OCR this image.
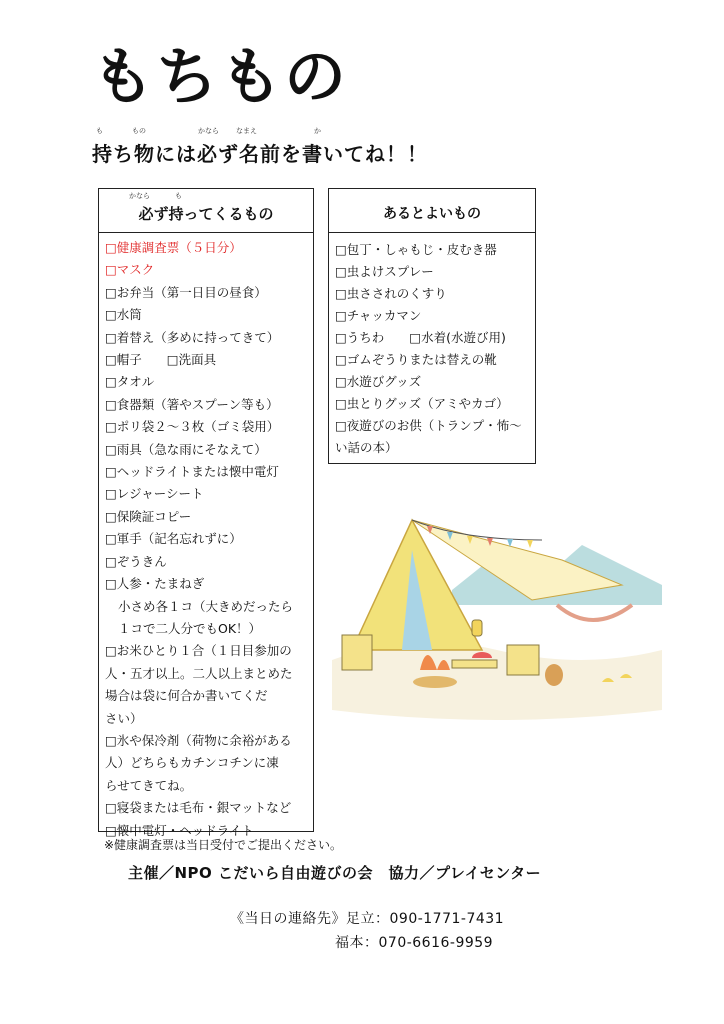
もちもの
も	もの	かなら なまえ	か
持ち物には必ず名前を書いてね！！
かなら	も
必ず持ってくるもの
□健康調査票（５日分）
□マスク
□お弁当（第一日目の昼食）
□水筒
□着替え（多めに持ってきて）
□帽子　　□洗面具
□タオル
□食器類（箸やスプーン等も）
□ポリ袋２～３枚（ゴミ袋用）
□雨具（急な雨にそなえて）
□ヘッドライトまたは懐中電灯
□レジャーシート
□保険証コピー
□軍手（記名忘れずに）
□ぞうきん
□人参・たまねぎ
小さめ各１コ（大きめだったら
１コで二人分でもOK！）
□お米ひとり１合（１日目参加の
人・五才以上。二人以上まとめた
場合は袋に何合か書いてくだ
さい）
□氷や保冷剤（荷物に余裕がある
人）どちらもカチンコチンに凍
らせてきてね。
□寝袋または毛布・銀マットなど
□懐中電灯・ヘッドライト
あるとよいもの
□包丁・しゃもじ・皮むき器
□虫よけスプレー
□虫さされのくすり
□チャッカマン
□うちわ　　□水着(水遊び用)
□ゴムぞうりまたは替えの靴
□水遊びグッズ
□虫とりグッズ（アミやカゴ）
□夜遊びのお供（トランプ・怖～
い話の本）
※健康調査票は当日受付でご提出ください。
主催／NPO こだいら自由遊びの会　協力／プレイセンター
《当日の連絡先》足立：090-1771-7431
福本：070-6616-9959
